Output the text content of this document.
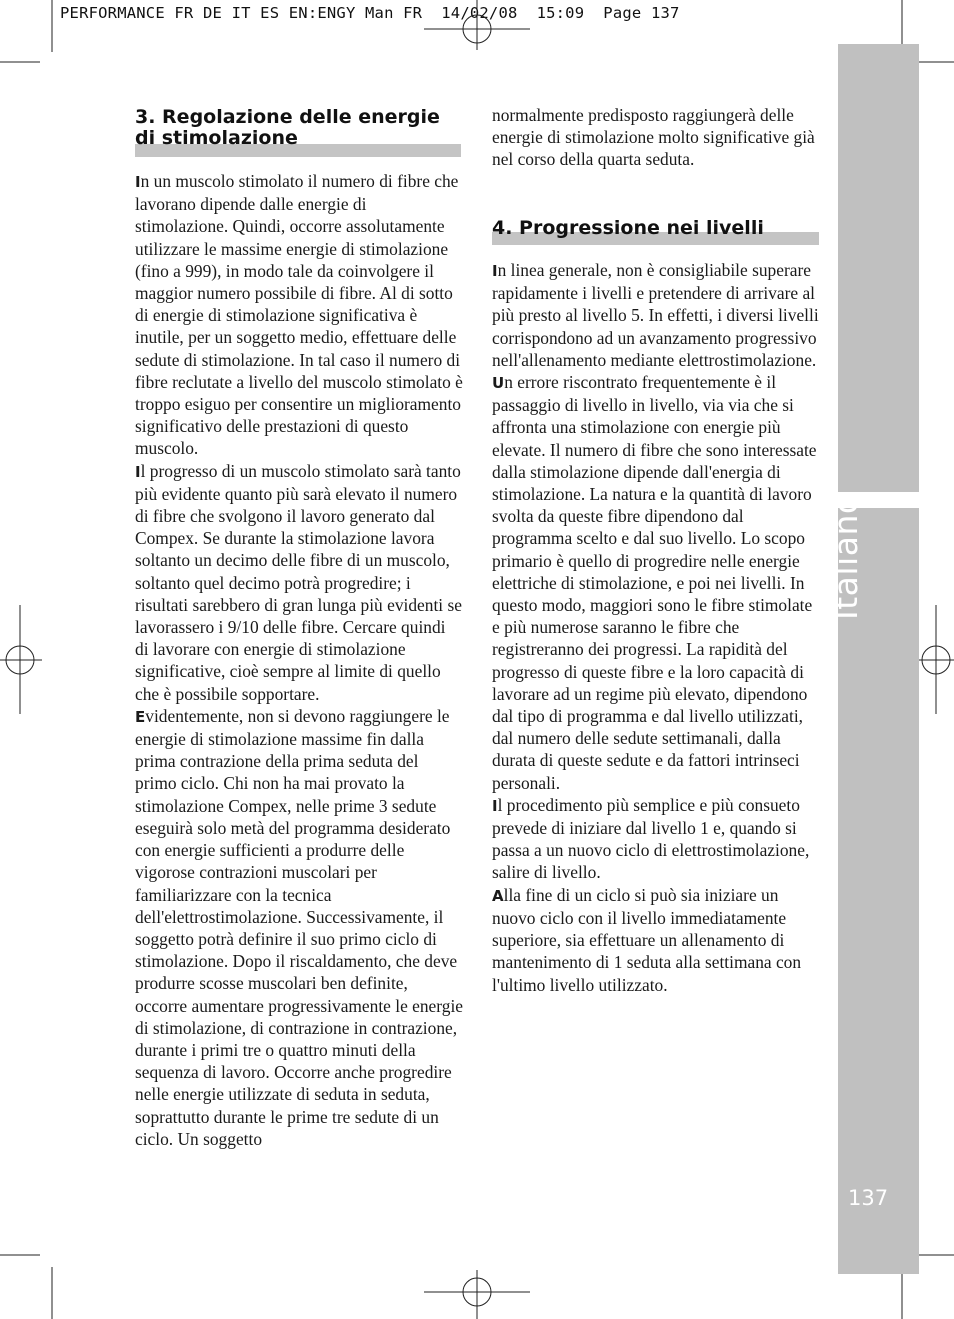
PERFORMANCE FR DE IT ES EN:ENGY Man FR  14/02/08  15:09  Page 137
Italiano
137
3. Regolazione delle energie di stimolazione

In un muscolo stimolato il numero di fibre che lavorano dipende dalle energie di stimolazione. Quindi, occorre assolutamente utilizzare le massime energie di stimolazione (fino a 999), in modo tale da coinvolgere il maggior numero possibile di fibre. Al di sotto di energie di stimolazione significativa è inutile, per un soggetto medio, effettuare delle sedute di stimolazione. In tal caso il numero di fibre reclutate a livello del muscolo stimolato è troppo esiguo per consentire un miglioramento significativo delle prestazioni di questo muscolo.

Il progresso di un muscolo stimolato sarà tanto più evidente quanto più sarà elevato il numero di fibre che svolgono il lavoro generato dal Compex. Se durante la stimolazione lavora soltanto un decimo delle fibre di un muscolo, soltanto quel decimo potrà progredire; i risultati sarebbero di gran lunga più evidenti se lavorassero i 9/10 delle fibre. Cercare quindi di lavorare con energie di stimolazione significative, cioè sempre al limite di quello che è possibile sopportare.

Evidentemente, non si devono raggiungere le energie di stimolazione massime fin dalla prima contrazione della prima seduta del primo ciclo. Chi non ha mai provato la stimolazione Compex, nelle prime 3 sedute eseguirà solo metà del programma desiderato con energie sufficienti a produrre delle vigorose contrazioni muscolari per familiarizzare con la tecnica dell'elettrostimolazione. Successivamente, il soggetto potrà definire il suo primo ciclo di stimolazione. Dopo il riscaldamento, che deve produrre scosse muscolari ben definite, occorre aumentare progressivamente le energie di stimolazione, di contrazione in contrazione, durante i primi tre o quattro minuti della sequenza di lavoro. Occorre anche progredire nelle energie utilizzate di seduta in seduta, soprattutto durante le prime tre sedute di un ciclo. Un soggetto

normalmente predisposto raggiungerà delle energie di stimolazione molto significative già nel corso della quarta seduta.

4. Progressione nei livelli

In linea generale, non è consigliabile superare rapidamente i livelli e pretendere di arrivare al più presto al livello 5. In effetti, i diversi livelli corrispondono ad un avanzamento progressivo nell'allenamento mediante elettrostimolazione.

Un errore riscontrato frequentemente è il passaggio di livello in livello, via via che si affronta una stimolazione con energie più elevate. Il numero di fibre che sono interessate dalla stimolazione dipende dall'energia di stimolazione. La natura e la quantità di lavoro svolta da queste fibre dipendono dal programma scelto e dal suo livello. Lo scopo primario è quello di progredire nelle energie elettriche di stimolazione, e poi nei livelli. In questo modo, maggiori sono le fibre stimolate e più numerose saranno le fibre che registreranno dei progressi. La rapidità del progresso di queste fibre e la loro capacità di lavorare ad un regime più elevato, dipendono dal tipo di programma e dal livello utilizzati, dal numero delle sedute settimanali, dalla durata di queste sedute e da fattori intrinseci personali.

Il procedimento più semplice e più consueto prevede di iniziare dal livello 1 e, quando si passa a un nuovo ciclo di elettrostimolazione, salire di livello.

Alla fine di un ciclo si può sia iniziare un nuovo ciclo con il livello immediatamente superiore, sia effettuare un allenamento di mantenimento di 1 seduta alla settimana con l'ultimo livello utilizzato.
